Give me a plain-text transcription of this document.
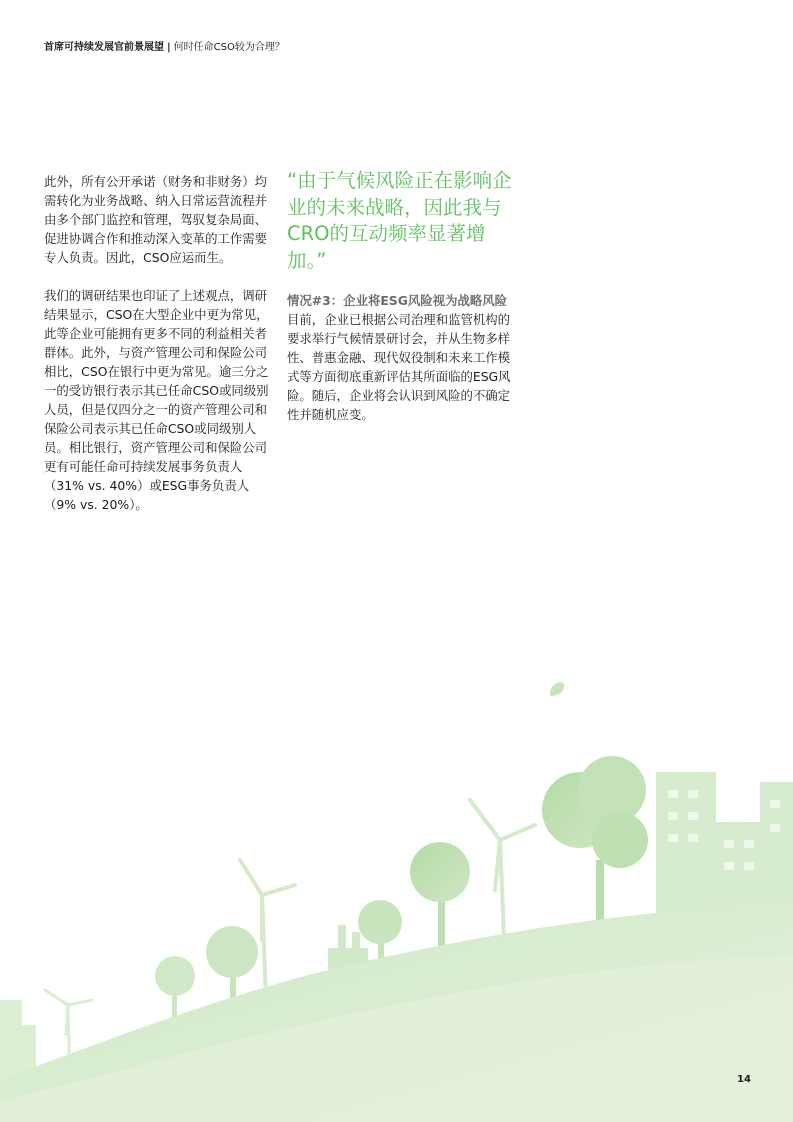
首席可持续发展官前景展望 | 何时任命CSO较为合理？

此外，所有公开承诺（财务和非财务）均需转化为业务战略、纳入日常运营流程并由多个部门监控和管理，驾驭复杂局面、促进协调合作和推动深入变革的工作需要专人负责。因此，CSO应运而生。

我们的调研结果也印证了上述观点，调研结果显示，CSO在大型企业中更为常见，此等企业可能拥有更多不同的利益相关者群体。此外，与资产管理公司和保险公司相比，CSO在银行中更为常见。逾三分之一的受访银行表示其已任命CSO或同级别人员，但是仅四分之一的资产管理公司和保险公司表示其已任命CSO或同级别人员。相比银行，资产管理公司和保险公司更有可能任命可持续发展事务负责人（31% vs. 40%）或ESG事务负责人（9% vs. 20%）。

“由于气候风险正在影响企业的未来战略，因此我与CRO的互动频率显著增加。”

情况#3：企业将ESG风险视为战略风险

目前，企业已根据公司治理和监管机构的要求举行气候情景研讨会，并从生物多样性、普惠金融、现代奴役制和未来工作模式等方面彻底重新评估其所面临的ESG风险。随后，企业将会认识到风险的不确定性并随机应变。

14
